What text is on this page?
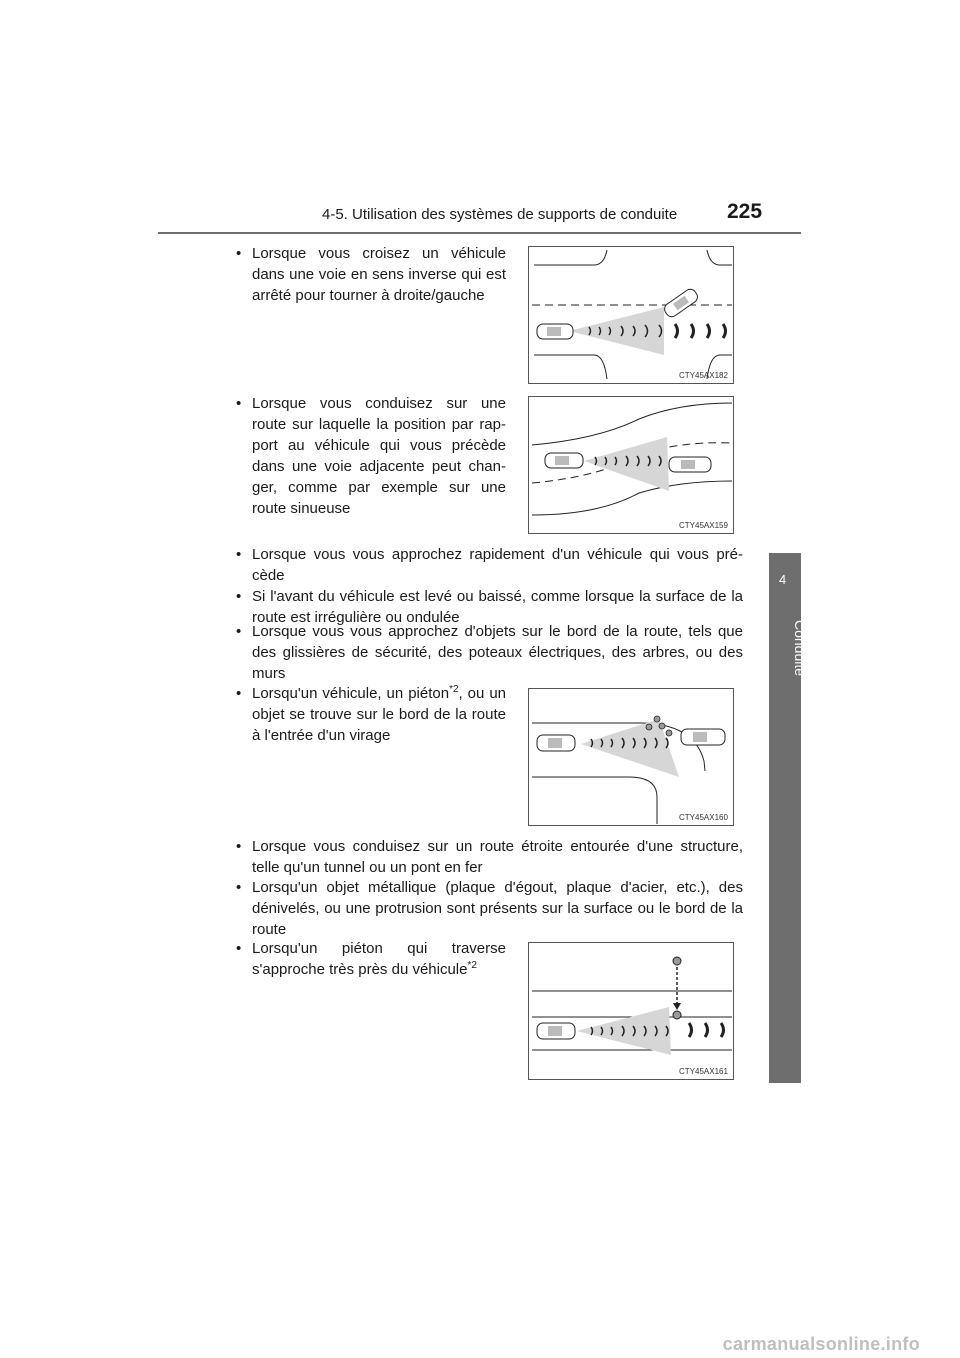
4-5. Utilisation des systèmes de supports de conduite 225
4
Conduite
• Lorsque vous croisez un véhicule dans une voie en sens inverse qui est arrêté pour tourner à droite/gauche
CTY45AX182
• Lorsque vous conduisez sur une route sur laquelle la position par rap-port au véhicule qui vous précède dans une voie adjacente peut chan-ger, comme par exemple sur une route sinueuse
CTY45AX159
• Lorsque vous vous approchez rapidement d'un véhicule qui vous pré-cède
• Si l'avant du véhicule est levé ou baissé, comme lorsque la surface de la route est irrégulière ou ondulée
• Lorsque vous vous approchez d'objets sur le bord de la route, tels que des glissières de sécurité, des poteaux électriques, des arbres, ou des murs
• Lorsqu'un véhicule, un piéton$^{*2}$, ou un objet se trouve sur le bord de la route à l'entrée d'un virage
CTY45AX160
• Lorsque vous conduisez sur un route étroite entourée d'une structure, telle qu'un tunnel ou un pont en fer
• Lorsqu'un objet métallique (plaque d'égout, plaque d'acier, etc.), des dénivelés, ou une protrusion sont présents sur la surface ou le bord de la route
• Lorsqu'un piéton qui traverse s'approche très près du véhicule$^{*2}$
CTY45AX161
carmanualsonline.info
